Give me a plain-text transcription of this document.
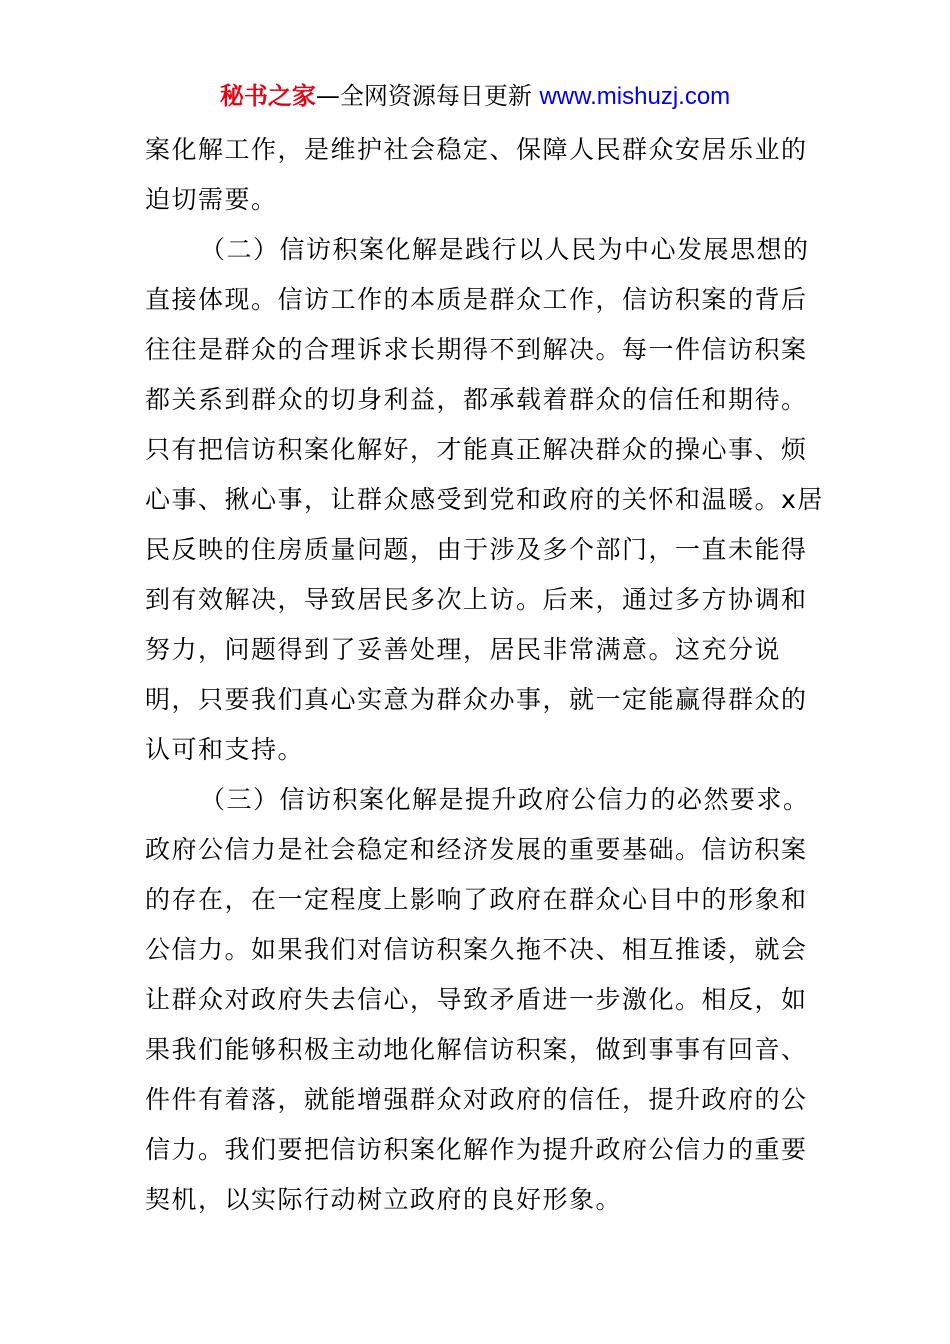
秘书之家—全网资源每日更新 www.mishuzj.com
案化解工作，是维护社会稳定、保障人民群众安居乐业的
迫切需要。
（二）信访积案化解是践行以人民为中心发展思想的
直接体现。信访工作的本质是群众工作，信访积案的背后
往往是群众的合理诉求长期得不到解决。每一件信访积案
都关系到群众的切身利益，都承载着群众的信任和期待。
只有把信访积案化解好，才能真正解决群众的操心事、烦
心事、揪心事，让群众感受到党和政府的关怀和温暖。x居
民反映的住房质量问题，由于涉及多个部门，一直未能得
到有效解决，导致居民多次上访。后来，通过多方协调和
努力，问题得到了妥善处理，居民非常满意。这充分说
明，只要我们真心实意为群众办事，就一定能赢得群众的
认可和支持。
（三）信访积案化解是提升政府公信力的必然要求。
政府公信力是社会稳定和经济发展的重要基础。信访积案
的存在，在一定程度上影响了政府在群众心目中的形象和
公信力。如果我们对信访积案久拖不决、相互推诿，就会
让群众对政府失去信心，导致矛盾进一步激化。相反，如
果我们能够积极主动地化解信访积案，做到事事有回音、
件件有着落，就能增强群众对政府的信任，提升政府的公
信力。我们要把信访积案化解作为提升政府公信力的重要
契机，以实际行动树立政府的良好形象。
